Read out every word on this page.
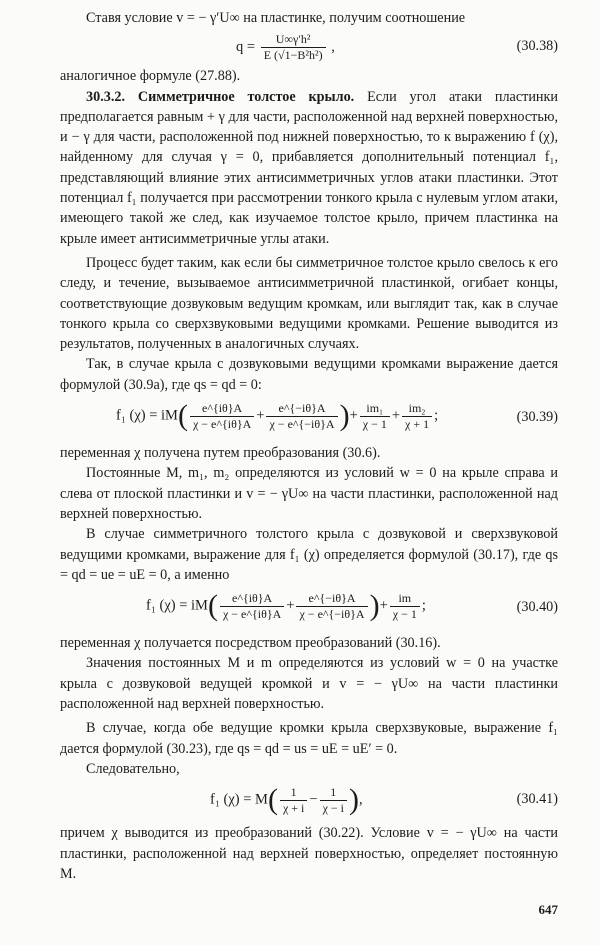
Ставя условие v = − γ′U∞ на пластинке, получим соотношение

$q = \frac{\text{U∞γ′h²}}{\text{E (√1−B²h²)}}$ ,	(30.38)

аналогичное формуле (27.88).

30.3.2. Симметричное толстое крыло. Если угол атаки пластинки предполагается равным + γ для части, расположенной над верхней поверхностью, и − γ для части, расположенной под нижней поверхностью, то к выражению f (χ), найденному для случая γ = 0, прибавляется дополнительный потенциал f₁, представляющий влияние этих антисимметричных углов атаки пластинки. Этот потенциал f₁ получается при рассмотрении тонкого крыла с нулевым углом атаки, имеющего такой же след, как изучаемое толстое крыло, причем пластинка на крыле имеет антисимметричные углы атаки.

Процесс будет таким, как если бы симметричное толстое крыло свелось к его следу, и течение, вызываемое антисимметричной пластинкой, огибает концы, соответствующие дозвуковым ведущим кромкам, или выглядит так, как в случае тонкого крыла со сверхзвуковыми ведущими кромками. Решение выводится из результатов, полученных в аналогичных случаях.

Так, в случае крыла с дозвуковыми ведущими кромками выражение дается формулой (30.9a), где qs = qd = 0:

f₁ $(\chi) = iM( \frac{e\^{}\{i\theta\}A}{\chi - e\^{}\{i\theta\}A} + \frac{e\^{}\{-i\theta\}A}{\chi - e\^{}\{-i\theta\}A}$ )+ $\frac{\text{im₁}}{\chi - 1} + \frac{\text{im₂}}{\chi + 1}$ ;	(30.39)

переменная χ получена путем преобразования (30.6).

Постоянные M, m₁, m₂ определяются из условий w = 0 на крыле справа и слева от плоской пластинки и v = − γU∞ на части пластинки, расположенной над верхней поверхностью.

В случае симметричного толстого крыла с дозвуковой и сверхзвуковой ведущими кромками, выражение для f₁ (χ) определяется формулой (30.17), где qs = qd = ue = uE = 0, а именно

f₁ $(\chi) = iM( \frac{e\^{}\{i\theta\}A}{\chi - e\^{}\{i\theta\}A} + \frac{e\^{}\{-i\theta\}A}{\chi - e\^{}\{-i\theta\}A}$ )+ $\frac{im}{\chi - 1}$ ;	(30.40)

переменная χ получается посредством преобразований (30.16).

Значения постоянных M и m определяются из условий w = 0 на участке крыла с дозвуковой ведущей кромкой и v = − γU∞ на части пластинки расположенной над верхней поверхностью.

В случае, когда обе ведущие кромки крыла сверхзвуковые, выражение f₁ дается формулой (30.23), где qs = qd = us = uE = uE′ = 0.

Следовательно,

f₁ $(\chi) = M( \frac{1}{\chi + i} - \frac{1}{\chi - i}$ ),	(30.41)

причем χ выводится из преобразований (30.22). Условие v = − γU∞ на части пластинки, расположенной над верхней поверхностью, определяет постоянную M.

647
